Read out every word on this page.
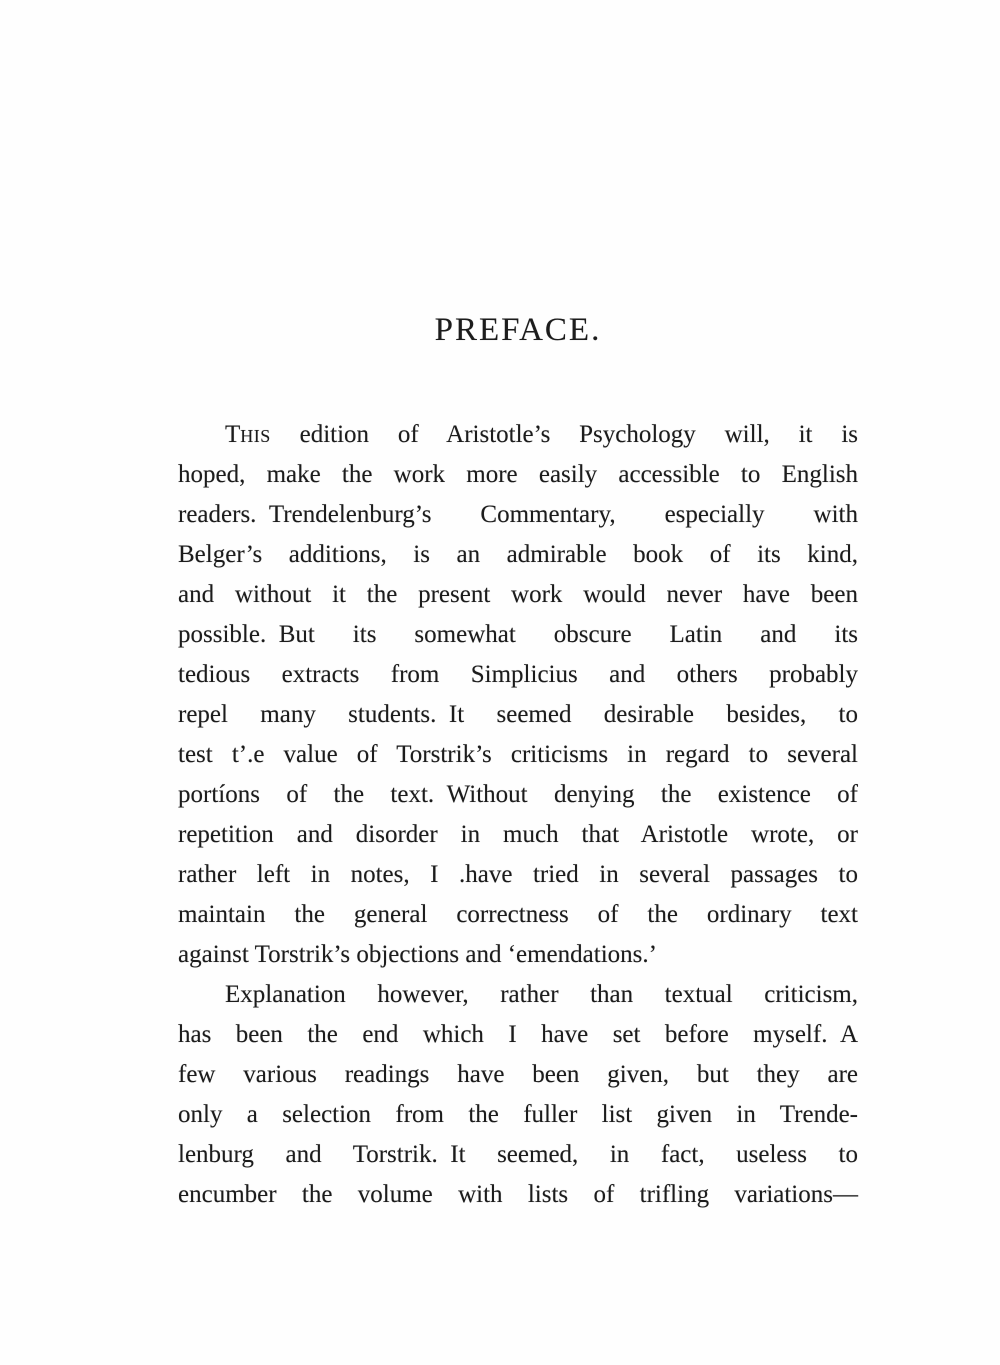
PREFACE.
THIS edition of Aristotle’s Psychology will, it is
hoped, make the work more easily accessible to English
readers. Trendelenburg’s Commentary, especially with
Belger’s additions, is an admirable book of its kind,
and without it the present work would never have been
possible. But its somewhat obscure Latin and its
tedious extracts from Simplicius and others probably
repel many students. It seemed desirable besides, to
test t’.e value of Torstrik’s criticisms in regard to several
portíons of the text. Without denying the existence of
repetition and disorder in much that Aristotle wrote, or
rather left in notes, I .have tried in several passages to
maintain the general correctness of the ordinary text
against Torstrik’s objections and ‘emendations.’
Explanation however, rather than textual criticism,
has been the end which I have set before myself. A
few various readings have been given, but they are
only a selection from the fuller list given in Trende-
lenburg and Torstrik. It seemed, in fact, useless to
encumber the volume with lists of trifling variations—
